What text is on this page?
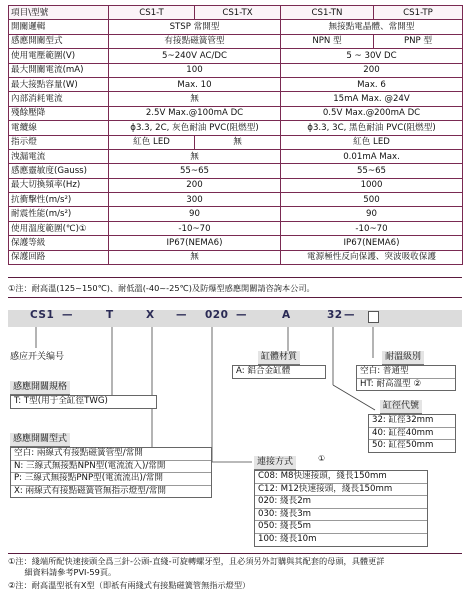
項目\型號	CS1-T	CS1-TX	CS1-TN	CS1-TP
開關邏輯	STSP 常開型		無接點電晶體、常開型	
感應開關型式	有接點磁簧管型		NPN 型	PNP 型
使用電壓範圍(V)	5~240V AC/DC		5 ~ 30V DC	
最大開關電流(mA)	100		200	
最大接點容量(W)	Max. 10		Max. 6	
內部消耗電流	無		15mA Max. @24V	
殘餘壓降	2.5V Max.@100mA DC		0.5V Max.@200mA DC	
電纜線	ϕ3.3, 2C, 灰色耐油 PVC(阻燃型)		ϕ3.3, 3C, 黑色耐油 PVC(阻燃型)	
指示燈	紅色 LED	無	紅色 LED	
洩漏電流	無		0.01mA Max.	
感應靈敏度(Gauss)	55~65		55~65	
最大切換頻率(Hz)	200		1000	
抗衝擊性(m/s²)	300		500	
耐震性能(m/s²)	90		90	
使用溫度範圍(℃)①	-10~70		-10~70	
保護等級	IP67(NEMA6)		IP67(NEMA6)	
保護回路	無		電源極性反向保護、突波吸收保護	
①注：耐高溫(125~150℃)、耐低溫(-40~-25℃)及防爆型感應開關請咨詢本公司。
CS1 —	T	X — 020 —	A	32 —
感应开关编号
感應開關規格
T: T型(用于全缸徑TWG)
感應開關型式
空白: 兩線式有接點磁簧管型/常開
N: 三線式無接點NPN型(電流流入)/常開
P: 三線式無接點PNP型(電流流出)/常開
X: 兩線式有接點磁簧管無指示燈型/常開
缸體材質
A: 鋁合金缸體
耐溫級別
空白: 普通型
HT: 耐高溫型 ②
缸徑代號
32: 缸徑32mm
40: 缸徑40mm
50: 缸徑50mm
連接方式	①
C08: M8快速接頭，綫長150mm
C12: M12快速接頭，綫長150mm
020: 綫長2m
030: 綫長3m
050: 綫長5m
100: 綫長10m
①注：綫端所配快速接頭全爲三針-公頭-直綫-可旋轉螺牙型，且必須另外訂購與其配套的母頭，具體更詳
　　細資料請參考PVI-59頁。
②注：耐高溫型祇有X型（即祇有兩綫式有接點磁簧管無指示燈型）
